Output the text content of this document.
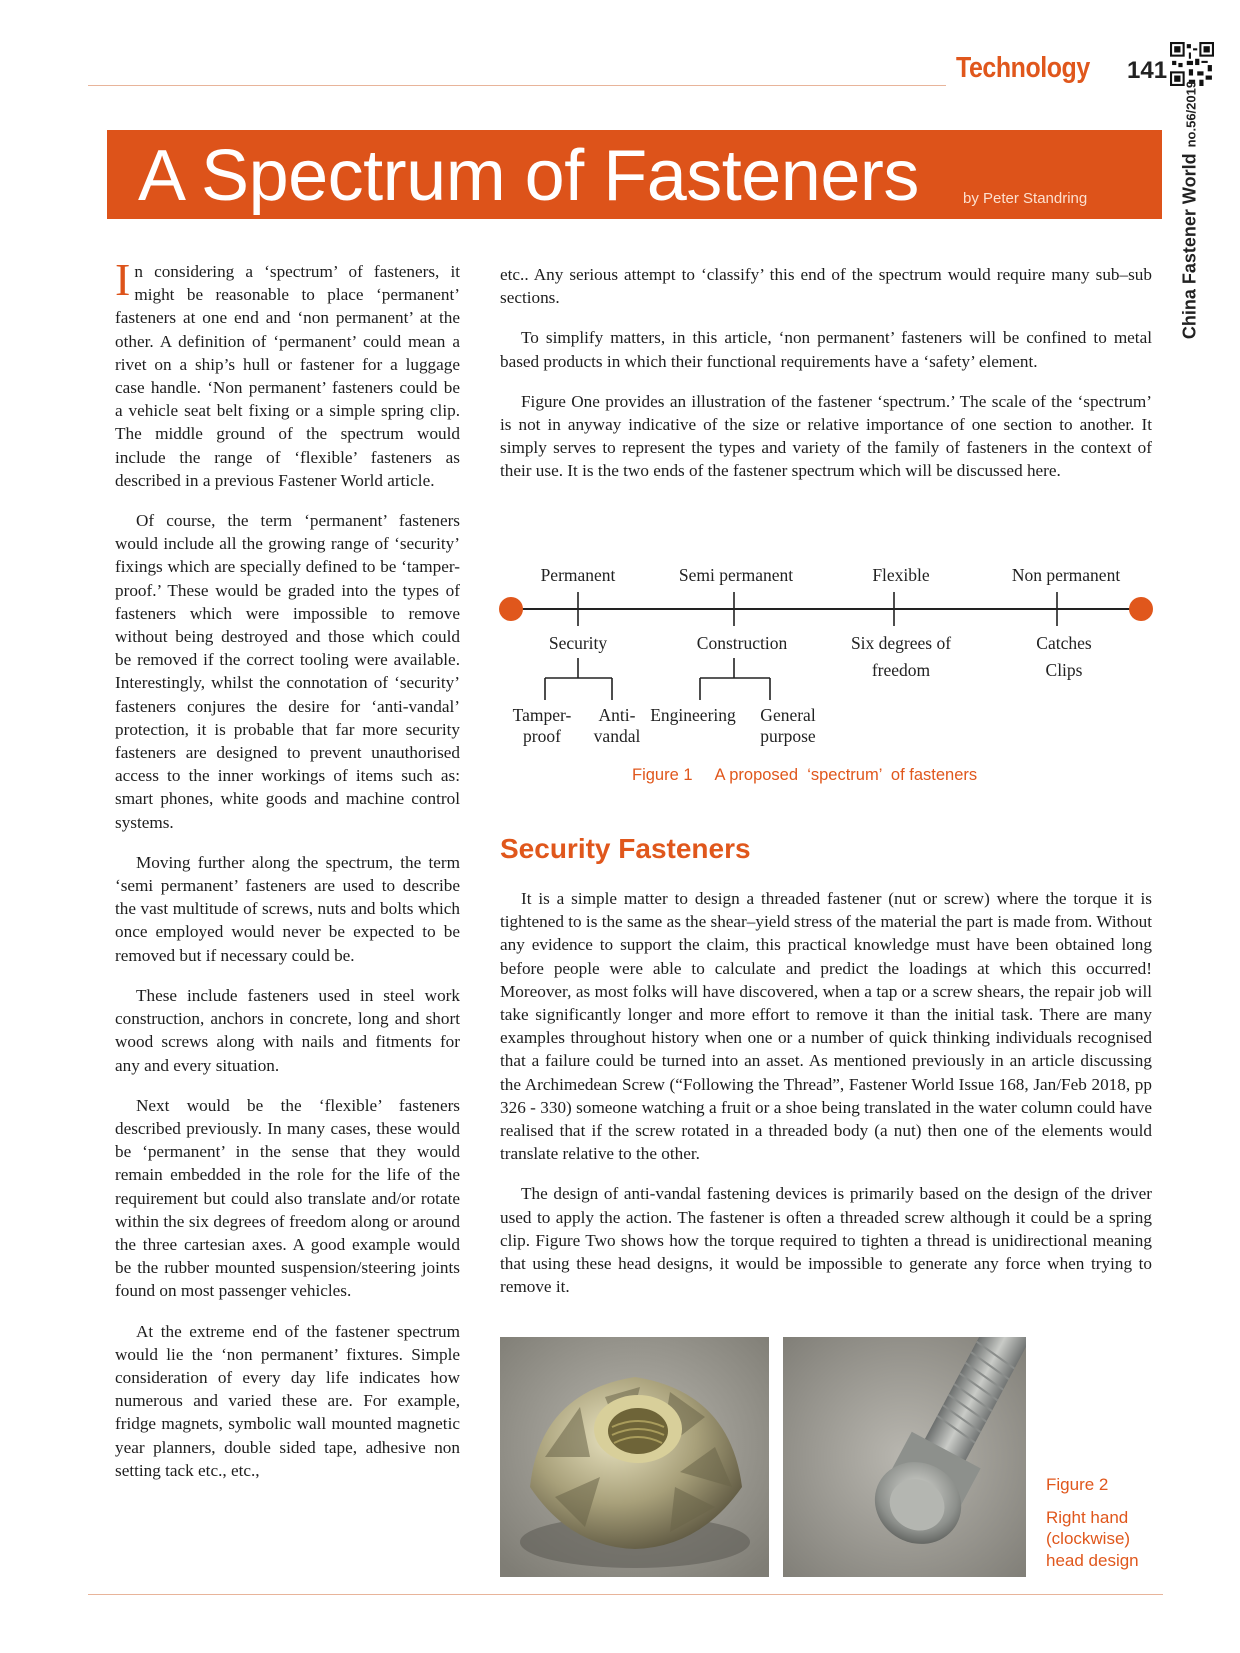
Technology 141
China Fastener Worldno.56/2019
A Spectrum of Fasteners	by Peter Standring

In considering a ‘spectrum’ of fasteners, it might be reasonable to place ‘permanent’ fasteners at one end and ‘non permanent’ at the other. A definition of ‘permanent’ could mean a rivet on a ship’s hull or fastener for a luggage case handle. ‘Non permanent’ fasteners could be a vehicle seat belt fixing or a simple spring clip. The middle ground of the spectrum would include the range of ‘flexible’ fasteners as described in a previous Fastener World article.

Of course, the term ‘permanent’ fasteners would include all the growing range of ‘security’ fixings which are specially defined to be ‘tamper-proof.’ These would be graded into the types of fasteners which were impossible to remove without being destroyed and those which could be removed if the correct tooling were available. Interestingly, whilst the connotation of ‘security’ fasteners conjures the desire for ‘anti-vandal’ protection, it is probable that far more security fasteners are designed to prevent unauthorised access to the inner workings of items such as: smart phones, white goods and machine control systems.

Moving further along the spectrum, the term ‘semi permanent’ fasteners are used to describe the vast multitude of screws, nuts and bolts which once employed would never be expected to be removed but if necessary could be.

These include fasteners used in steel work construction, anchors in concrete, long and short wood screws along with nails and fitments for any and every situation.

Next would be the ‘flexible’ fasteners described previously. In many cases, these would be ‘permanent’ in the sense that they would remain embedded in the role for the life of the requirement but could also translate and/or rotate within the six degrees of freedom along or around the three cartesian axes. A good example would be the rubber mounted suspension/steering joints found on most passenger vehicles.

At the extreme end of the fastener spectrum would lie the ‘non permanent’ fixtures. Simple consideration of every day life indicates how numerous and varied these are. For example, fridge magnets, symbolic wall mounted magnetic year planners, double sided tape, adhesive non setting tack etc., etc.,

etc.. Any serious attempt to ‘classify’ this end of the spectrum would require many sub–sub sections.

To simplify matters, in this article, ‘non permanent’ fasteners will be confined to metal based products in which their functional requirements have a ‘safety’ element.

Figure One provides an illustration of the fastener ‘spectrum.’ The scale of the ‘spectrum’ is not in anyway indicative of the size or relative importance of one section to another. It simply serves to represent the types and variety of the family of fasteners in the context of their use. It is the two ends of the fastener spectrum which will be discussed here.

Permanent	Semi permanent	Flexible	Non permanent
Security	Construction	Six degrees of
freedom
Catches
Clips
Tamper-
proof
Anti-
vandal
Engineering General
purpose
Figure 1     A proposed  ‘spectrum’  of fasteners
Security Fasteners

It is a simple matter to design a threaded fastener (nut or screw) where the torque it is tightened to is the same as the shear–yield stress of the material the part is made from. Without any evidence to support the claim, this practical knowledge must have been obtained long before people were able to calculate and predict the loadings at which this occurred! Moreover, as most folks will have discovered, when a tap or a screw shears, the repair job will take significantly longer and more effort to remove it than the initial task. There are many examples throughout history when one or a number of quick thinking individuals recognised that a failure could be turned into an asset. As mentioned previously in an article discussing the Archimedean Screw (“Following the Thread”, Fastener World Issue 168, Jan/Feb 2018, pp 326 - 330) someone watching a fruit or a shoe being translated in the water column could have realised that if the screw rotated in a threaded body (a nut) then one of the elements would translate relative to the other.

The design of anti-vandal fastening devices is primarily based on the design of the driver used to apply the action. The fastener is often a threaded screw although it could be a spring clip. Figure Two shows how the torque required to tighten a thread is unidirectional meaning that using these head designs, it would be impossible to generate any force when trying to remove it.

Figure 2
Right hand (clockwise) head design
